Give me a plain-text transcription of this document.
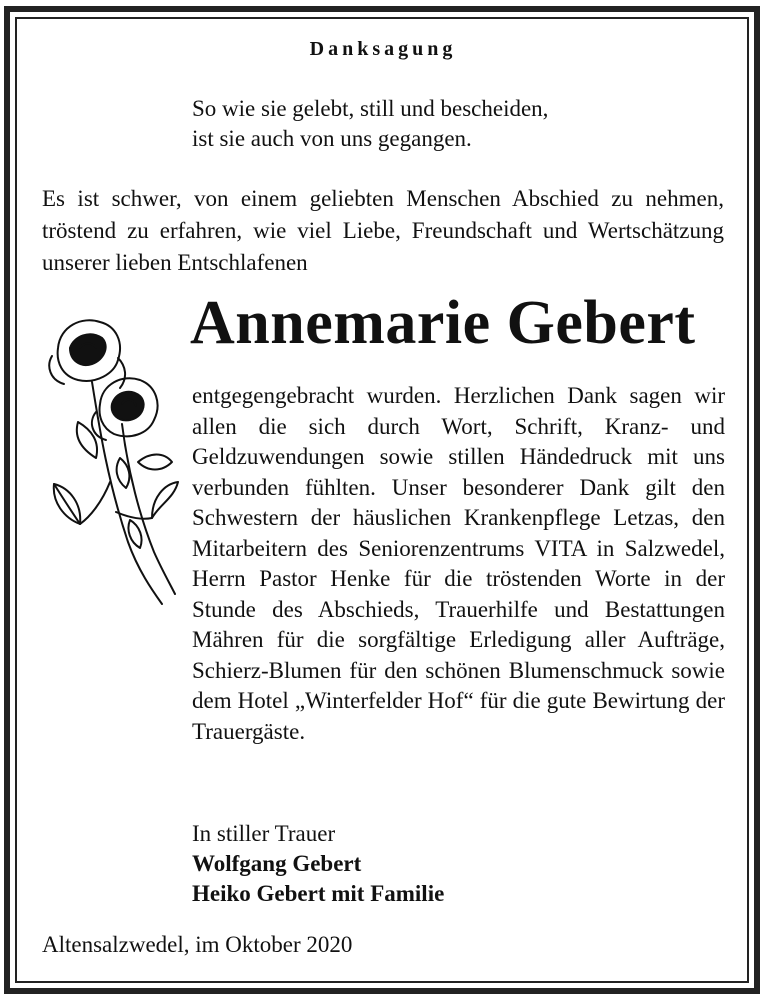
Danksagung

So wie sie gelebt, still und bescheiden,
ist sie auch von uns gegangen.

Es ist schwer, von einem geliebten Menschen Abschied zu nehmen, tröstend zu erfahren, wie viel Liebe, Freundschaft und Wertschätzung unserer lieben Entschlafenen

Annemarie Gebert

entgegengebracht wurden. Herzlichen Dank sagen wir allen die sich durch Wort, Schrift, Kranz- und Geldzuwendungen sowie stillen Händedruck mit uns verbunden fühlten. Unser besonderer Dank gilt den Schwestern der häuslichen Krankenpflege Letzas, den Mitarbeitern des Seniorenzentrums VITA in Salzwedel, Herrn Pastor Henke für die tröstenden Worte in der Stunde des Abschieds, Trauerhilfe und Bestattungen Mähren für die sorgfältige Erledigung aller Aufträge, Schierz-Blumen für den schönen Blumenschmuck sowie dem Hotel „Winterfelder Hof“ für die gute Bewirtung der Trauergäste.

In stiller Trauer

Wolfgang Gebert

Heiko Gebert mit Familie

Altensalzwedel, im Oktober 2020
